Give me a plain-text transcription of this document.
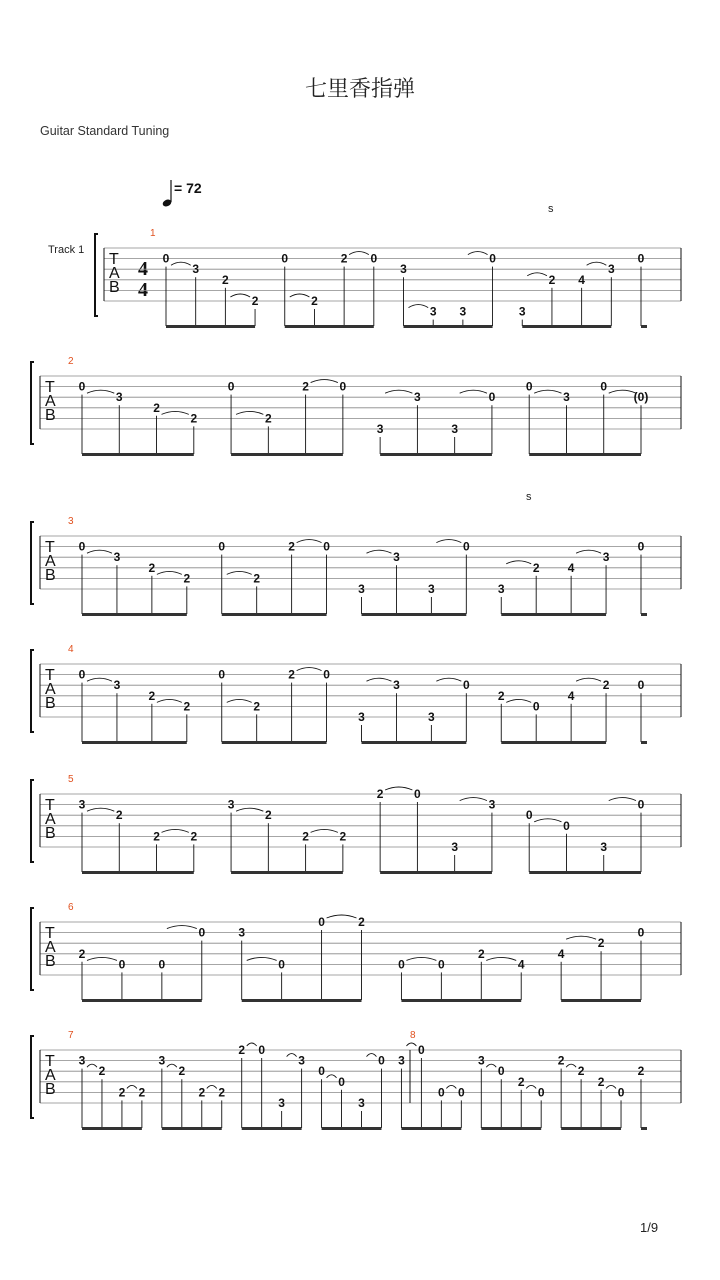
七里香指弹
Guitar Standard Tuning
1/9
= 72
Track 1
s
s
4
4
T
A
B
1
0
3
2
2
0
2
2 0
3
3 3
0
3
2 4
3
0
T
A
B
2
0
3
2
2
0
2
2	0
3
3
3
0
0
3
0
(0)
T
A
B
3
0
3
2
2
0
2
2 0
3
3
3
0
3
2 4
3
0
T
A
B
4
0
3
2
2
0
2
2 0
3
3
3
0
2
0
4
2 0
T
A
B
5
3
2
2	2
3
2
2	2
2	0
3
3
0
0
3
0
T
A
B
6
2
0	0
0	3
0
0	2
0	0
2
4
4
2
0
T
A
B
7	8
3
2
2 2
3
2
2 2
2 0
3
3
0
0
3
0 3
0
0 0
3
0
2
0
2
2
2
0
2
